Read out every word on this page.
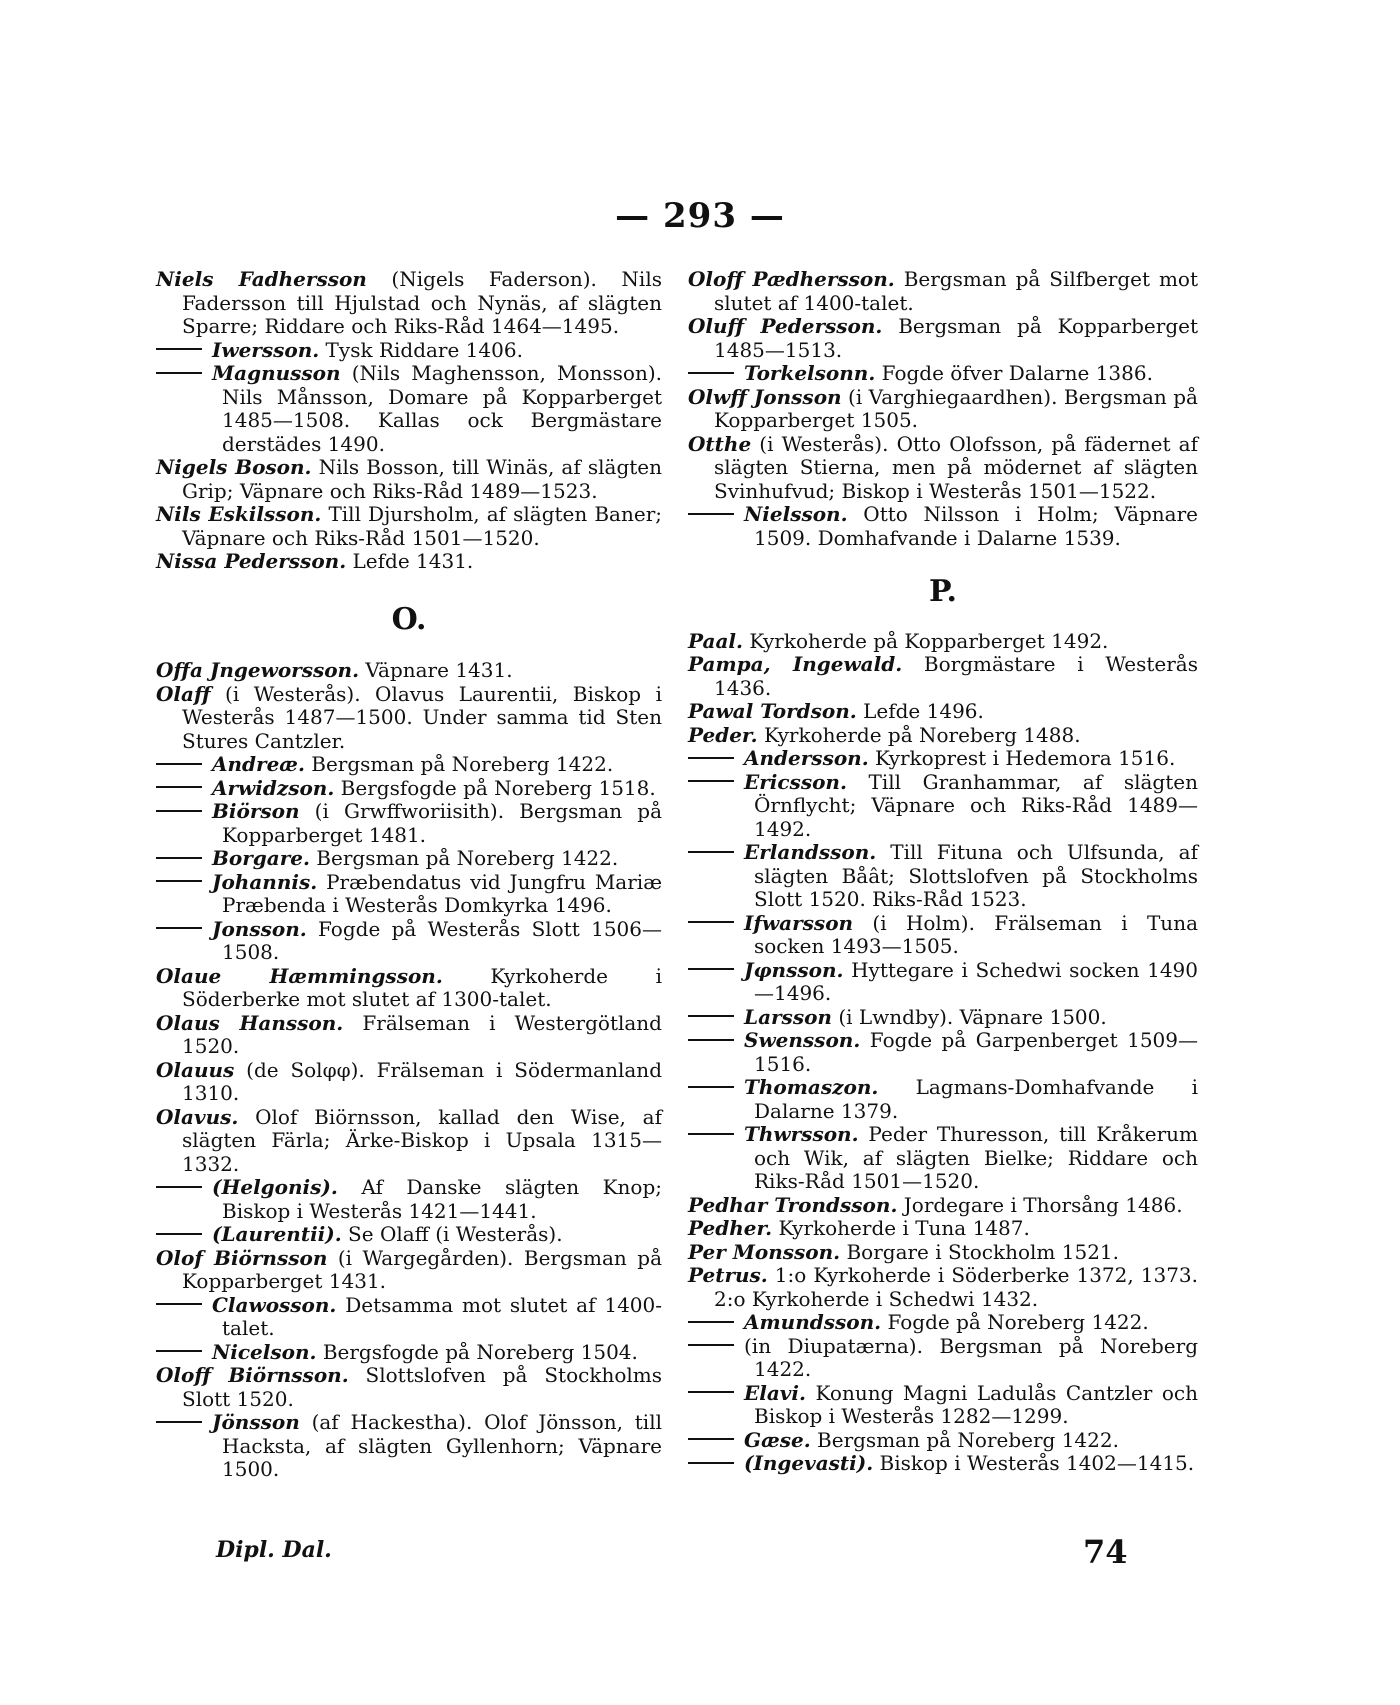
— 293 —

Niels Fadhersson (Nigels Faderson). Nils Fadersson till Hjulstad och Nynäs, af slägten Sparre; Riddare och Riks-Råd 1464—1495.

Iwersson. Tysk Riddare 1406.

Magnusson (Nils Maghensson, Monsson). Nils Månsson, Domare på Kopparberget 1485—1508. Kallas ock Bergmästare derstädes 1490.

Nigels Boson. Nils Bosson, till Winäs, af slägten Grip; Väpnare och Riks-Råd 1489—1523.

Nils Eskilsson. Till Djursholm, af slägten Baner; Väpnare och Riks-Råd 1501—1520.

Nissa Pedersson. Lefde 1431.

O.

Offa Jngeworsson. Väpnare 1431.

Olaff (i Westerås). Olavus Laurentii, Biskop i Westerås 1487—1500. Under samma tid Sten Stures Cantzler.

Andreæ. Bergsman på Noreberg 1422.

Arwidzson. Bergsfogde på Noreberg 1518.

Biörson (i Grwffworiisith). Bergsman på Kopparberget 1481.

Borgare. Bergsman på Noreberg 1422.

Johannis. Præbendatus vid Jungfru Mariæ Præbenda i Westerås Domkyrka 1496.

Jonsson. Fogde på Westerås Slott 1506—1508.

Olaue Hæmmingsson. Kyrkoherde i Söderberke mot slutet af 1300-talet.

Olaus Hansson. Frälseman i Westergötland 1520.

Olauus (de Solφφ). Frälseman i Södermanland 1310.

Olavus. Olof Biörnsson, kallad den Wise, af slägten Färla; Ärke-Biskop i Upsala 1315—1332.

(Helgonis). Af Danske slägten Knop; Biskop i Westerås 1421—1441.

(Laurentii). Se Olaff (i Westerås).

Olof Biörnsson (i Wargegården). Bergsman på Kopparberget 1431.

Clawosson. Detsamma mot slutet af 1400-talet.

Nicelson. Bergsfogde på Noreberg 1504.

Oloff Biörnsson. Slottslofven på Stockholms Slott 1520.

Jönsson (af Hackestha). Olof Jönsson, till Hacksta, af slägten Gyllenhorn; Väpnare 1500.

Oloff Pædhersson. Bergsman på Silfberget mot slutet af 1400-talet.

Oluff Pedersson. Bergsman på Kopparberget 1485—1513.

Torkelsonn. Fogde öfver Dalarne 1386.

Olwff Jonsson (i Varghiegaardhen). Bergsman på Kopparberget 1505.

Otthe (i Westerås). Otto Olofsson, på fädernet af slägten Stierna, men på mödernet af slägten Svinhufvud; Biskop i Westerås 1501—1522.

Nielsson. Otto Nilsson i Holm; Väpnare 1509. Domhafvande i Dalarne 1539.

P.

Paal. Kyrkoherde på Kopparberget 1492.

Pampa, Ingewald. Borgmästare i Westerås 1436.

Pawal Tordson. Lefde 1496.

Peder. Kyrkoherde på Noreberg 1488.

Andersson. Kyrkoprest i Hedemora 1516.

Ericsson. Till Granhammar, af slägten Örnflycht; Väpnare och Riks-Råd 1489—1492.

Erlandsson. Till Fituna och Ulfsunda, af slägten Båât; Slottslofven på Stockholms Slott 1520. Riks-Råd 1523.

Ifwarsson (i Holm). Frälseman i Tuna socken 1493—1505.

Jφnsson. Hyttegare i Schedwi socken 1490—1496.

Larsson (i Lwndby). Väpnare 1500.

Swensson. Fogde på Garpenberget 1509—1516.

Thomaszon. Lagmans-Domhafvande i Dalarne 1379.

Thwrsson. Peder Thuresson, till Kråkerum och Wik, af slägten Bielke; Riddare och Riks-Råd 1501—1520.

Pedhar Trondsson. Jordegare i Thorsång 1486.

Pedher. Kyrkoherde i Tuna 1487.

Per Monsson. Borgare i Stockholm 1521.

Petrus. 1:o Kyrkoherde i Söderberke 1372, 1373. 2:o Kyrkoherde i Schedwi 1432.

Amundsson. Fogde på Noreberg 1422.

(in Diupatærna). Bergsman på Noreberg 1422.

Elavi. Konung Magni Ladulås Cantzler och Biskop i Westerås 1282—1299.

Gæse. Bergsman på Noreberg 1422.

(Ingevasti). Biskop i Westerås 1402—1415.

Dipl. Dal.	74
